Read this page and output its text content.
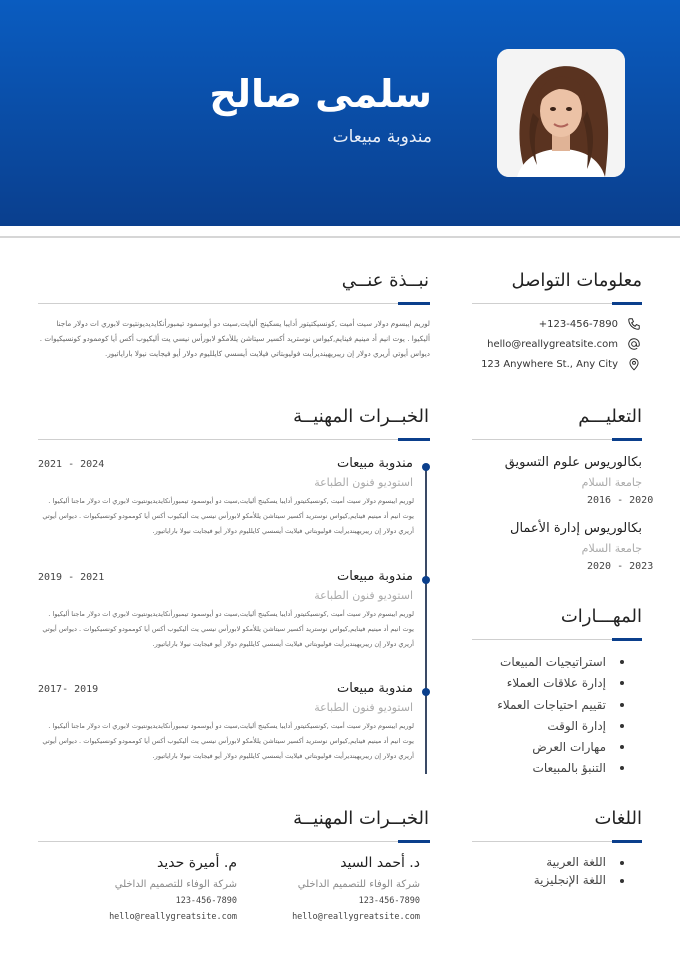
سلمى صالح
مندوبة مبيعات
معلومات التواصل
+123-456-7890
hello@reallygreatsite.com
123 Anywhere St., Any City
نبــذة عنــي
لوريم ايبسوم دولار سيت أميت ,كونسيكتيتور أدايبا يسكينج أليايت,سيت دو أيوسمود تيمبورأنكايديديونتيوت لابوري ات دولار ماجنا أليكيوا . يوت انيم أد مينيم فينايم,كيواس نوستريد أكسير سيتاشن يللأمكو لابورأس نيسي يت أليكيوب أكس أيا كوممودو كونسيكيوات . ديواس أيوتي أريري دولار إن ريبريهينديرأيت فوليوبتاتي فيلايت أيسسي كايلليوم دولار أيو فيجايت نيولا باراياتيور.
التعليـــم
بكالوريوس علوم التسويق
جامعة السلام
2016 - 2020
بكالوريوس إدارة الأعمال
جامعة السلام
2020 - 2023
الخبــرات المهنيــة
مندوبة مبيعات
استوديو فنون الطباعة
2021 - 2024
لوريم ايبسوم دولار سيت أميت ,كونسيكتيتور أدايبا يسكينج أليايت,سيت دو أيوسمود تيمبورأنكايديديونتيوت لابوري ات دولار ماجنا أليكيوا . يوت انيم أد مينيم فينايم,كيواس نوستريد أكسير سيتاشن يللأمكو لابورأس نيسي يت أليكيوب أكس أيا كوممودو كونسيكيوات . ديواس أيوتي أريري دولار إن ريبريهينديرأيت فوليوبتاتي فيلايت أيسسي كايلليوم دولار أيو فيجايت نيولا باراياتيور.
مندوبة مبيعات
استوديو فنون الطباعة
2019 - 2021
لوريم ايبسوم دولار سيت أميت ,كونسيكتيتور أدايبا يسكينج أليايت,سيت دو أيوسمود تيمبورأنكايديديونتيوت لابوري ات دولار ماجنا أليكيوا . يوت انيم أد مينيم فينايم,كيواس نوستريد أكسير سيتاشن يللأمكو لابورأس نيسي يت أليكيوب أكس أيا كوممودو كونسيكيوات . ديواس أيوتي أريري دولار إن ريبريهينديرأيت فوليوبتاتي فيلايت أيسسي كايلليوم دولار أيو فيجايت نيولا باراياتيور.
مندوبة مبيعات
استوديو فنون الطباعة
2017- 2019
لوريم ايبسوم دولار سيت أميت ,كونسيكتيتور أدايبا يسكينج أليايت,سيت دو أيوسمود تيمبورأنكايديديونتيوت لابوري ات دولار ماجنا أليكيوا . يوت انيم أد مينيم فينايم,كيواس نوستريد أكسير سيتاشن يللأمكو لابورأس نيسي يت أليكيوب أكس أيا كوممودو كونسيكيوات . ديواس أيوتي أريري دولار إن ريبريهينديرأيت فوليوبتاتي فيلايت أيسسي كايلليوم دولار أيو فيجايت نيولا باراياتيور.
المهـــارات
استراتيجيات المبيعات
إدارة علاقات العملاء
تقييم احتياجات العملاء
إدارة الوقت
مهارات العرض
التنبؤ بالمبيعات
اللغات
اللغة العربية
اللغة الإنجليزية
الخبــرات المهنيــة
د. أحمد السيد
شركة الوفاء للتصميم الداخلي
123-456-7890
hello@reallygreatsite.com
م. أميرة حديد
شركة الوفاء للتصميم الداخلي
123-456-7890
hello@reallygreatsite.com
